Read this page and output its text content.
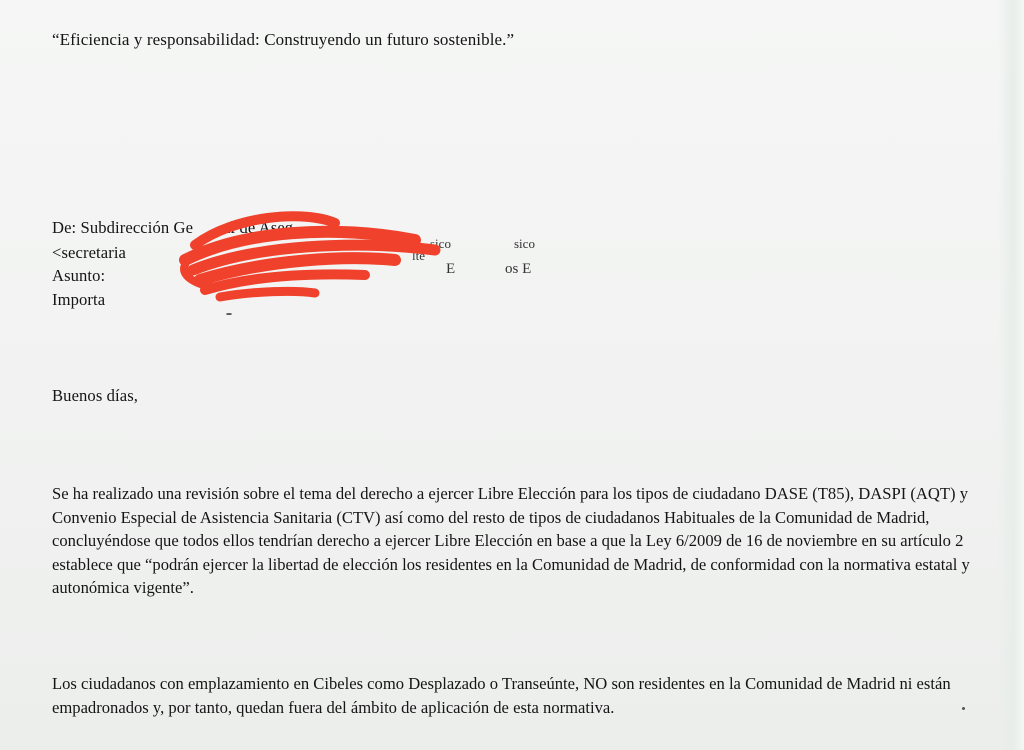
“Eficiencia y responsabilidad: Construyendo un futuro sostenible.”
De: Subdirección Ge al de Aseg
<secretaria
Asunto:
Importa
sico	sico
lte
E	os E
Buenos días,
Se ha realizado una revisión sobre el tema del derecho a ejercer Libre Elección para los tipos de ciudadano DASE (T85), DASPI (AQT) y Convenio Especial de Asistencia Sanitaria (CTV) así como del resto de tipos de ciudadanos Habituales de la Comunidad de Madrid, concluyéndose que todos ellos tendrían derecho a ejercer Libre Elección en base a que la Ley 6/2009 de 16 de noviembre en su artículo 2 establece que “podrán ejercer la libertad de elección los residentes en la Comunidad de Madrid, de conformidad con la normativa estatal y autonómica vigente”.
Los ciudadanos con emplazamiento en Cibeles como Desplazado o Transeúnte, NO son residentes en la Comunidad de Madrid ni están empadronados y, por tanto, quedan fuera del ámbito de aplicación de esta normativa.
